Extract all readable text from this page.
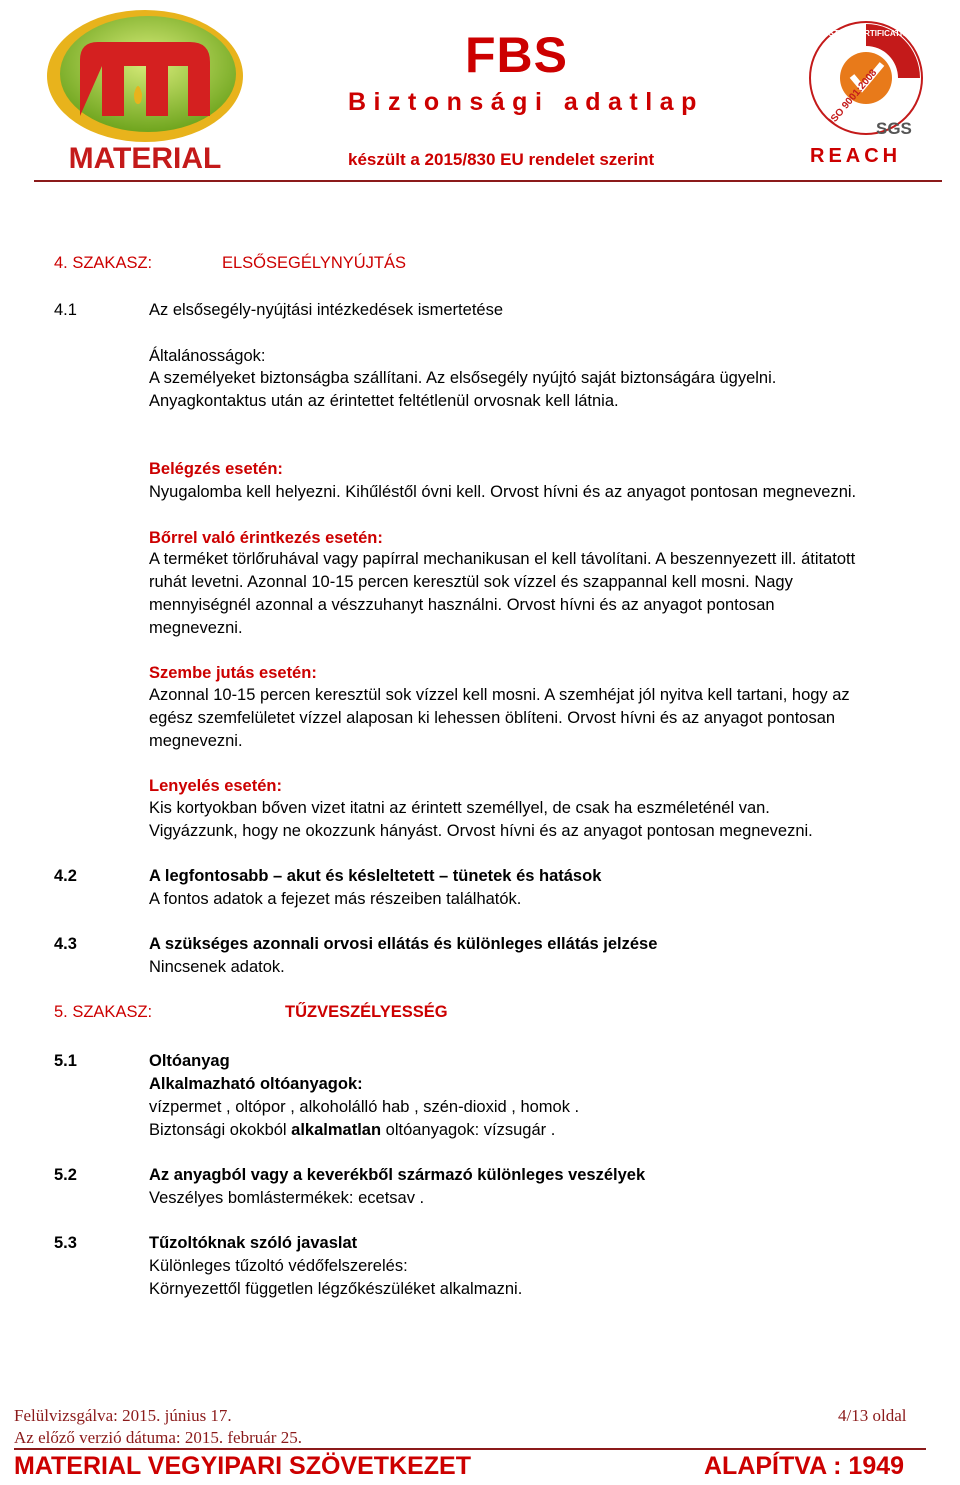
MATERIAL
FBS
Biztonsági adatlap
készült a 2015/830 EU rendelet szerint	REACH
SYSTEM CERTIFICATION
ISO 9001:2008
SGS
4. SZAKASZ:	ELSŐSEGÉLYNYÚJTÁS
4.1	Az elsősegély-nyújtási intézkedések ismertetése
Általánosságok:
A személyeket biztonságba szállítani. Az elsősegély nyújtó saját biztonságára ügyelni.
Anyagkontaktus után az érintettet feltétlenül orvosnak kell látnia.
Belégzés esetén:
Nyugalomba kell helyezni. Kihűléstől óvni kell. Orvost hívni és az anyagot pontosan megnevezni.
Bőrrel való érintkezés esetén:
A terméket törlőruhával vagy papírral mechanikusan el kell távolítani. A beszennyezett ill. átitatott
ruhát levetni. Azonnal 10-15 percen keresztül sok vízzel és szappannal kell mosni. Nagy
mennyiségnél azonnal a vészzuhanyt használni. Orvost hívni és az anyagot pontosan
megnevezni.
Szembe jutás esetén:
Azonnal 10-15 percen keresztül sok vízzel kell mosni. A szemhéjat jól nyitva kell tartani, hogy az
egész szemfelületet vízzel alaposan ki lehessen öblíteni. Orvost hívni és az anyagot pontosan
megnevezni.
Lenyelés esetén:
Kis kortyokban bőven vizet itatni az érintett személlyel, de csak ha eszméleténél van.
Vigyázzunk, hogy ne okozzunk hányást. Orvost hívni és az anyagot pontosan megnevezni.
4.2	A legfontosabb – akut és késleltetett – tünetek és hatások
A fontos adatok a fejezet más részeiben találhatók.
4.3	A szükséges azonnali orvosi ellátás és különleges ellátás jelzése
Nincsenek adatok.
5. SZAKASZ:	TŰZVESZÉLYESSÉG
5.1	Oltóanyag
Alkalmazható oltóanyagok:
vízpermet , oltópor , alkoholálló hab , szén-dioxid , homok .
Biztonsági okokból alkalmatlan oltóanyagok: vízsugár .
5.2	Az anyagból vagy a keverékből származó különleges veszélyek
Veszélyes bomlástermékek: ecetsav .
5.3	Tűzoltóknak szóló javaslat
Különleges tűzoltó védőfelszerelés:
Környezettől független légzőkészüléket alkalmazni.
Felülvizsgálva: 2015. június 17.	4/13 oldal
Az előző verzió dátuma: 2015. február 25.
MATERIAL VEGYIPARI SZÖVETKEZET	ALAPÍTVA : 1949
